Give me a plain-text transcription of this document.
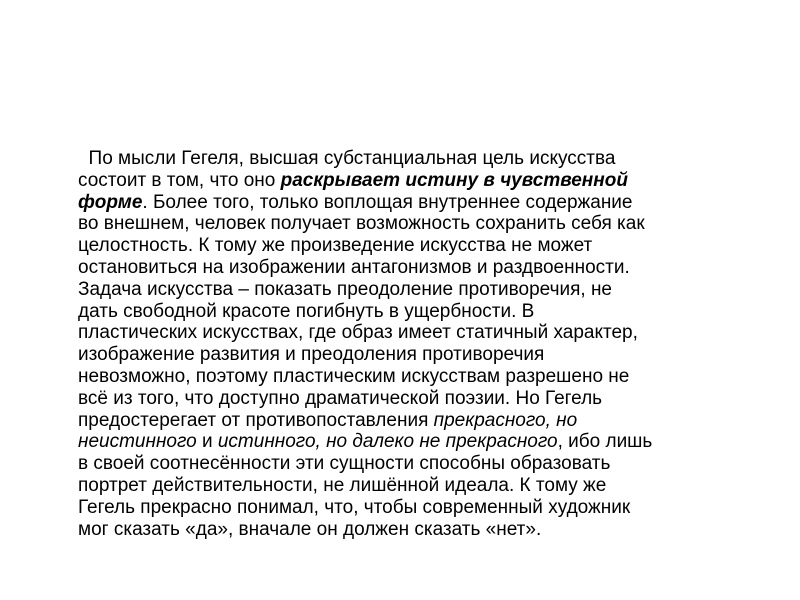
По мысли Гегеля, высшая субстанциальная цель искусства
состоит в том, что оно раскрывает истину в чувственной
форме. Более того, только воплощая внутреннее содержание
во внешнем, человек получает возможность сохранить себя как
целостность. К тому же произведение искусства не может
остановиться на изображении антагонизмов и раздвоенности.
Задача искусства – показать преодоление противоречия, не
дать свободной красоте погибнуть в ущербности. В
пластических искусствах, где образ имеет статичный характер,
изображение развития и преодоления противоречия
невозможно, поэтому пластическим искусствам разрешено не
всё из того, что доступно драматической поэзии. Но Гегель
предостерегает от противопоставления прекрасного, но
неистинного и истинного, но далеко не прекрасного, ибо лишь
в своей соотнесённости эти сущности способны образовать
портрет действительности, не лишённой идеала. К тому же
Гегель прекрасно понимал, что, чтобы современный художник
мог сказать «да», вначале он должен сказать «нет».
